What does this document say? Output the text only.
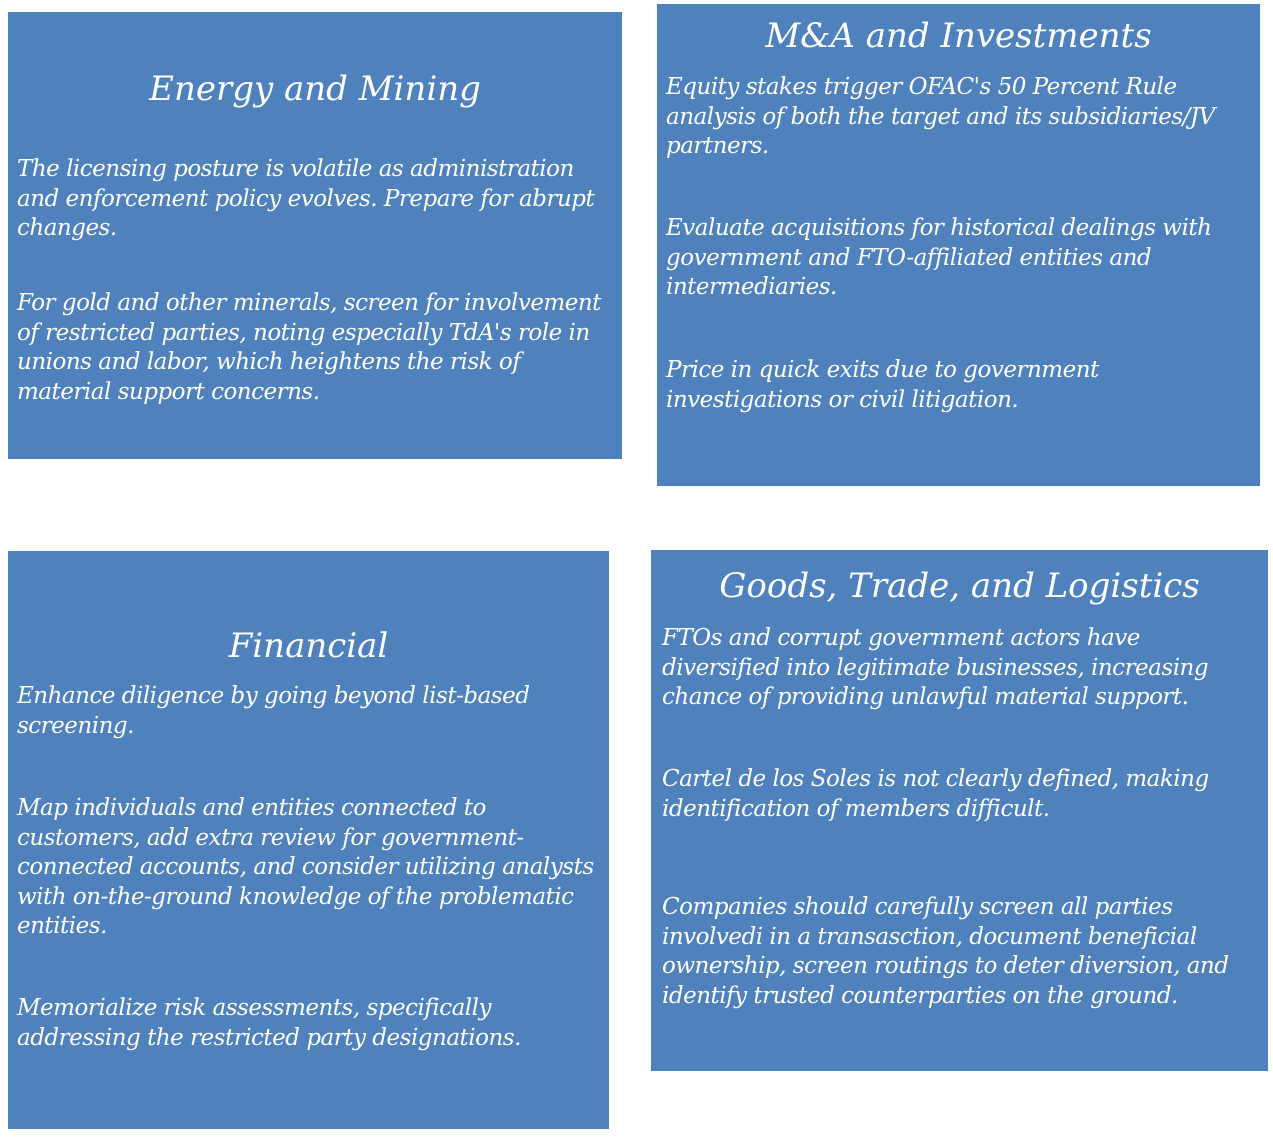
Energy and Mining

The licensing posture is volatile as administration and enforcement policy evolves. Prepare for abrupt changes.

For gold and other minerals, screen for involvement of restricted parties, noting especially TdA's role in unions and labor, which heightens the risk of material support concerns.

M&A and Investments

Equity stakes trigger OFAC's 50 Percent Rule analysis of both the target and its subsidiaries/JV partners.

Evaluate acquisitions for historical dealings with government and FTO-affiliated entities and intermediaries.

Price in quick exits due to government investigations or civil litigation.

Financial

Enhance diligence by going beyond list-based screening.

Map individuals and entities connected to customers, add extra review for government-connected accounts, and consider utilizing analysts with on-the-ground knowledge of the problematic entities.

Memorialize risk assessments, specifically addressing the restricted party designations.

Goods, Trade, and Logistics

FTOs and corrupt government actors have diversified into legitimate businesses, increasing chance of providing unlawful material support.

Cartel de los Soles is not clearly defined, making identification of members difficult.

Companies should carefully screen all parties involvedi in a transasction, document beneficial ownership, screen routings to deter diversion, and identify trusted counterparties on the ground.
